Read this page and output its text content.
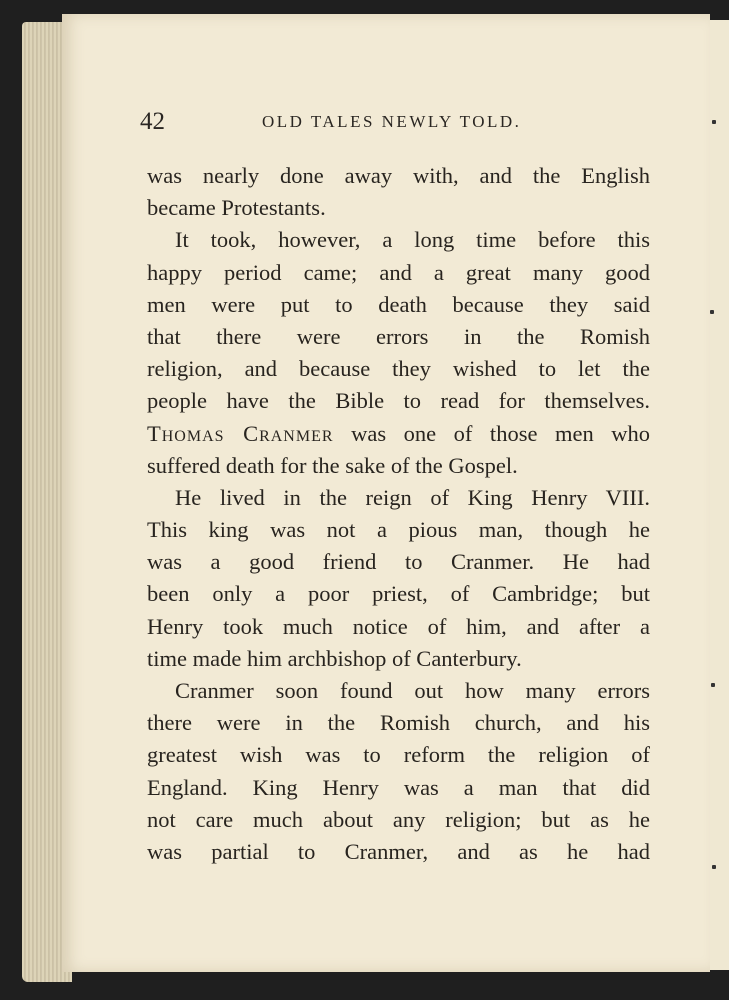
42	OLD TALES NEWLY TOLD.
was nearly done away with, and the English
became Protestants.
It took, however, a long time before this
happy period came; and a great many good
men were put to death because they said
that there were errors in the Romish
religion, and because they wished to let the
people have the Bible to read for themselves.
Thomas Cranmer was one of those men who
suffered death for the sake of the Gospel.
He lived in the reign of King Henry VIII.
This king was not a pious man, though he
was a good friend to Cranmer. He had
been only a poor priest, of Cambridge; but
Henry took much notice of him, and after a
time made him archbishop of Canterbury.
Cranmer soon found out how many errors
there were in the Romish church, and his
greatest wish was to reform the religion of
England. King Henry was a man that did
not care much about any religion; but as he
was partial to Cranmer, and as he had
